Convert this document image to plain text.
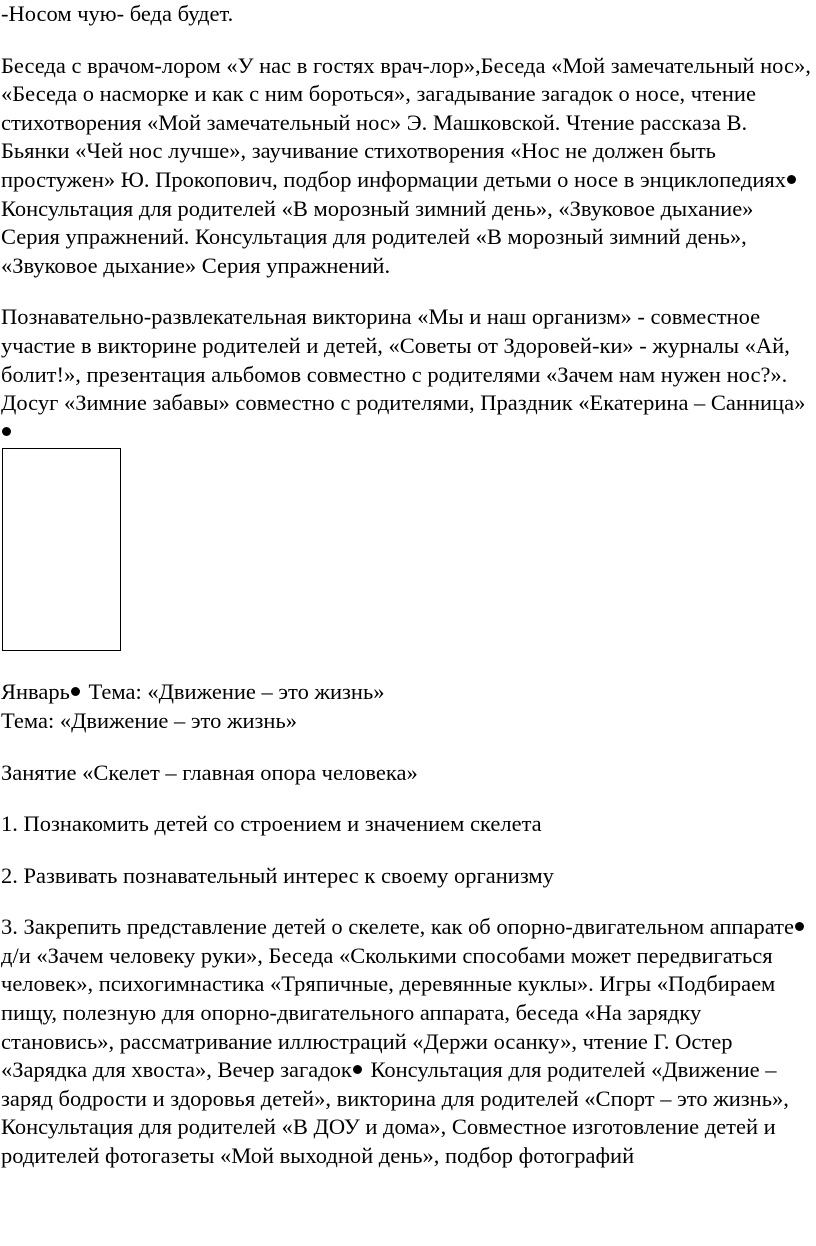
-Носом чую- беда будет.

Беседа с врачом-лором «У нас в гостях врач-лор»,Беседа «Мой замечательный нос», «Беседа о насморке и как с ним бороться», загадывание загадок о носе, чтение стихотворения «Мой замечательный нос» Э. Машковской. Чтение рассказа В. Бьянки «Чей нос лучше», заучивание стихотворения «Нос не должен быть простужен» Ю. Прокопович, подбор информации детьми о носе в энциклопедиях Консультация для родителей «В морозный зимний день», «Звуковое дыхание» Серия упражнений. Консультация для родителей «В морозный зимний день», «Звуковое дыхание» Серия упражнений.

Познавательно-развлекательная викторина «Мы и наш организм» - совместное участие в викторине родителей и детей, «Советы от Здоровей-ки» - журналы «Ай, болит!», презентация альбомов совместно с родителями «Зачем нам нужен нос?». Досуг «Зимние забавы» совместно с родителями, Праздник «Екатерина – Санница»

Январь Тема: «Движение – это жизнь»

Тема: «Движение – это жизнь»

Занятие «Скелет – главная опора человека»

1. Познакомить детей со строением и значением скелета

2. Развивать познавательный интерес к своему организму

3. Закрепить представление детей о скелете, как об опорно-двигательном аппарате д/и «Зачем человеку руки», Беседа «Сколькими способами может передвигаться человек», психогимнастика «Тряпичные, деревянные куклы». Игры «Подбираем пищу, полезную для опорно-двигательного аппарата, беседа «На зарядку становись», рассматривание иллюстраций «Держи осанку», чтение Г. Остер «Зарядка для хвоста», Вечер загадок Консультация для родителей «Движение – заряд бодрости и здоровья детей», викторина для родителей «Спорт – это жизнь», Консультация для родителей «В ДОУ и дома», Совместное изготовление детей и родителей фотогазеты «Мой выходной день», подбор фотографий
